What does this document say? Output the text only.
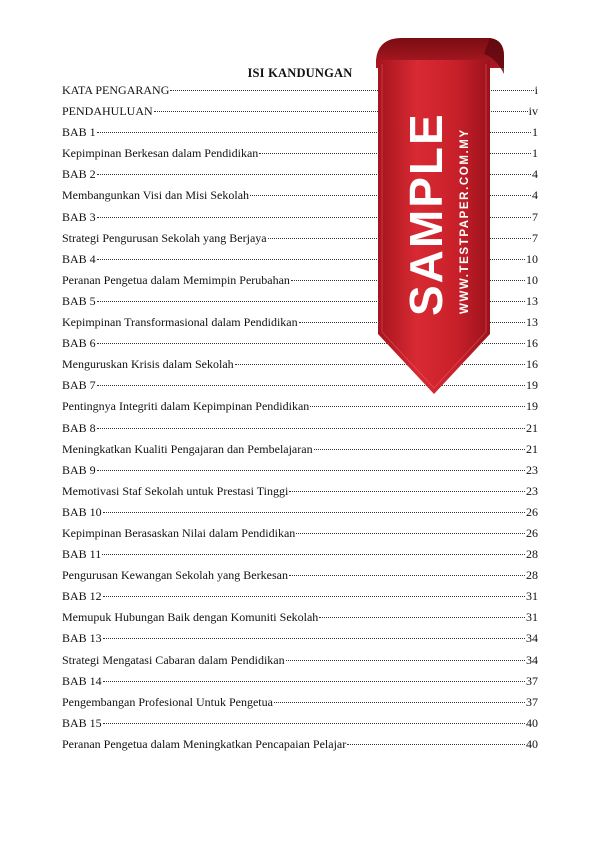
ISI KANDUNGAN
KATA PENGARANG	i
PENDAHULUAN	iv
BAB 1	1
Kepimpinan Berkesan dalam Pendidikan	1
BAB 2	4
Membangunkan Visi dan Misi Sekolah	4
BAB 3	7
Strategi Pengurusan Sekolah yang Berjaya	7
BAB 4	10
Peranan Pengetua dalam Memimpin Perubahan	10
BAB 5	13
Kepimpinan Transformasional dalam Pendidikan	13
BAB 6	16
Menguruskan Krisis dalam Sekolah	16
BAB 7	19
Pentingnya Integriti dalam Kepimpinan Pendidikan	19
BAB 8	21
Meningkatkan Kualiti Pengajaran dan Pembelajaran	21
BAB 9	23
Memotivasi Staf Sekolah untuk Prestasi Tinggi	23
BAB 10	26
Kepimpinan Berasaskan Nilai dalam Pendidikan	26
BAB 11	28
Pengurusan Kewangan Sekolah yang Berkesan	28
BAB 12	31
Memupuk Hubungan Baik dengan Komuniti Sekolah	31
BAB 13	34
Strategi Mengatasi Cabaran dalam Pendidikan	34
BAB 14	37
Pengembangan Profesional Untuk Pengetua	37
BAB 15	40
Peranan Pengetua dalam Meningkatkan Pencapaian Pelajar	40
SAMPLE WWW.TESTPAPER.COM.MY
